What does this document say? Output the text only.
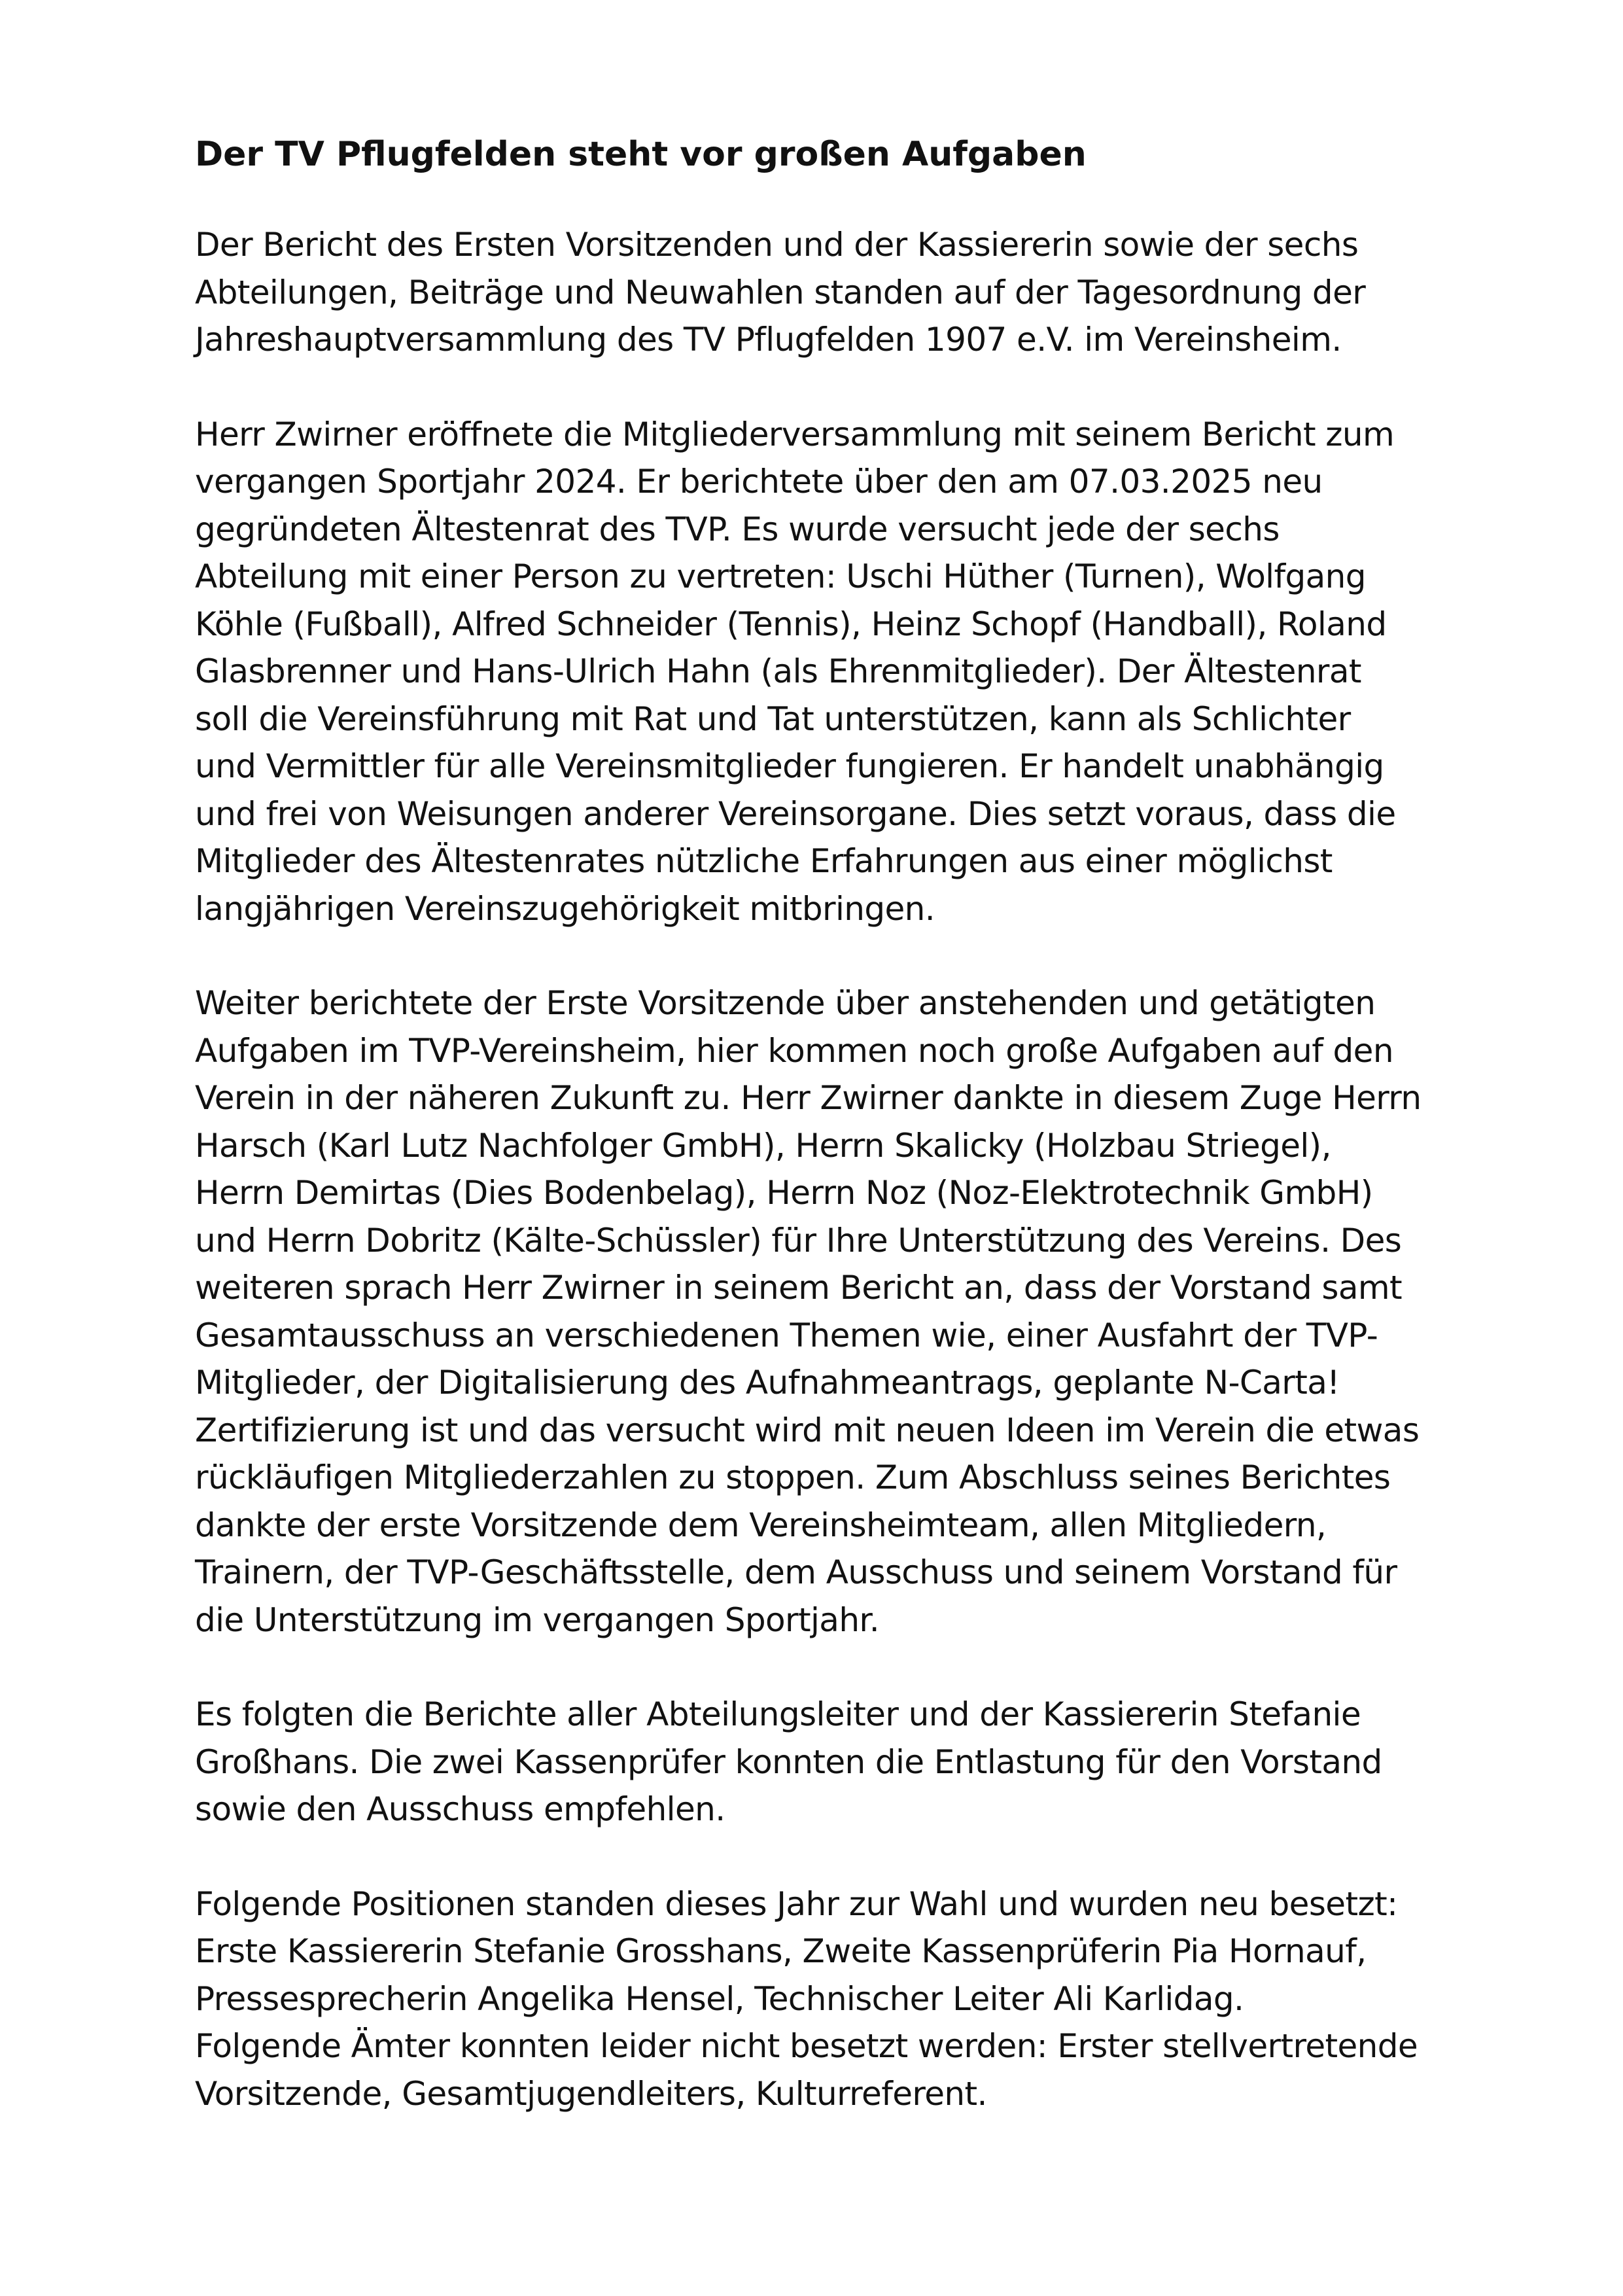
Der TV Pflugfelden steht vor großen Aufgaben
Der Bericht des Ersten Vorsitzenden und der Kassiererin sowie der sechs
Abteilungen, Beiträge und Neuwahlen standen auf der Tagesordnung der
Jahreshauptversammlung des TV Pflugfelden 1907 e.V. im Vereinsheim.
Herr Zwirner eröffnete die Mitgliederversammlung mit seinem Bericht zum
vergangen Sportjahr 2024. Er berichtete über den am 07.03.2025 neu
gegründeten Ältestenrat des TVP. Es wurde versucht jede der sechs
Abteilung mit einer Person zu vertreten: Uschi Hüther (Turnen), Wolfgang
Köhle (Fußball), Alfred Schneider (Tennis), Heinz Schopf (Handball), Roland
Glasbrenner und Hans-Ulrich Hahn (als Ehrenmitglieder). Der Ältestenrat
soll die Vereinsführung mit Rat und Tat unterstützen, kann als Schlichter
und Vermittler für alle Vereinsmitglieder fungieren. Er handelt unabhängig
und frei von Weisungen anderer Vereinsorgane. Dies setzt voraus, dass die
Mitglieder des Ältestenrates nützliche Erfahrungen aus einer möglichst
langjährigen Vereinszugehörigkeit mitbringen.
Weiter berichtete der Erste Vorsitzende über anstehenden und getätigten
Aufgaben im TVP-Vereinsheim, hier kommen noch große Aufgaben auf den
Verein in der näheren Zukunft zu. Herr Zwirner dankte in diesem Zuge Herrn
Harsch (Karl Lutz Nachfolger GmbH), Herrn Skalicky (Holzbau Striegel),
Herrn Demirtas (Dies Bodenbelag), Herrn Noz (Noz-Elektrotechnik GmbH)
und Herrn Dobritz (Kälte-Schüssler) für Ihre Unterstützung des Vereins. Des
weiteren sprach Herr Zwirner in seinem Bericht an, dass der Vorstand samt
Gesamtausschuss an verschiedenen Themen wie, einer Ausfahrt der TVP-
Mitglieder, der Digitalisierung des Aufnahmeantrags, geplante N-Carta!
Zertifizierung ist und das versucht wird mit neuen Ideen im Verein die etwas
rückläufigen Mitgliederzahlen zu stoppen. Zum Abschluss seines Berichtes
dankte der erste Vorsitzende dem Vereinsheimteam, allen Mitgliedern,
Trainern, der TVP-Geschäftsstelle, dem Ausschuss und seinem Vorstand für
die Unterstützung im vergangen Sportjahr.
Es folgten die Berichte aller Abteilungsleiter und der Kassiererin Stefanie
Großhans. Die zwei Kassenprüfer konnten die Entlastung für den Vorstand
sowie den Ausschuss empfehlen.
Folgende Positionen standen dieses Jahr zur Wahl und wurden neu besetzt:
Erste Kassiererin Stefanie Grosshans, Zweite Kassenprüferin Pia Hornauf,
Pressesprecherin Angelika Hensel, Technischer Leiter Ali Karlidag.
Folgende Ämter konnten leider nicht besetzt werden: Erster stellvertretende
Vorsitzende, Gesamtjugendleiters, Kulturreferent.
